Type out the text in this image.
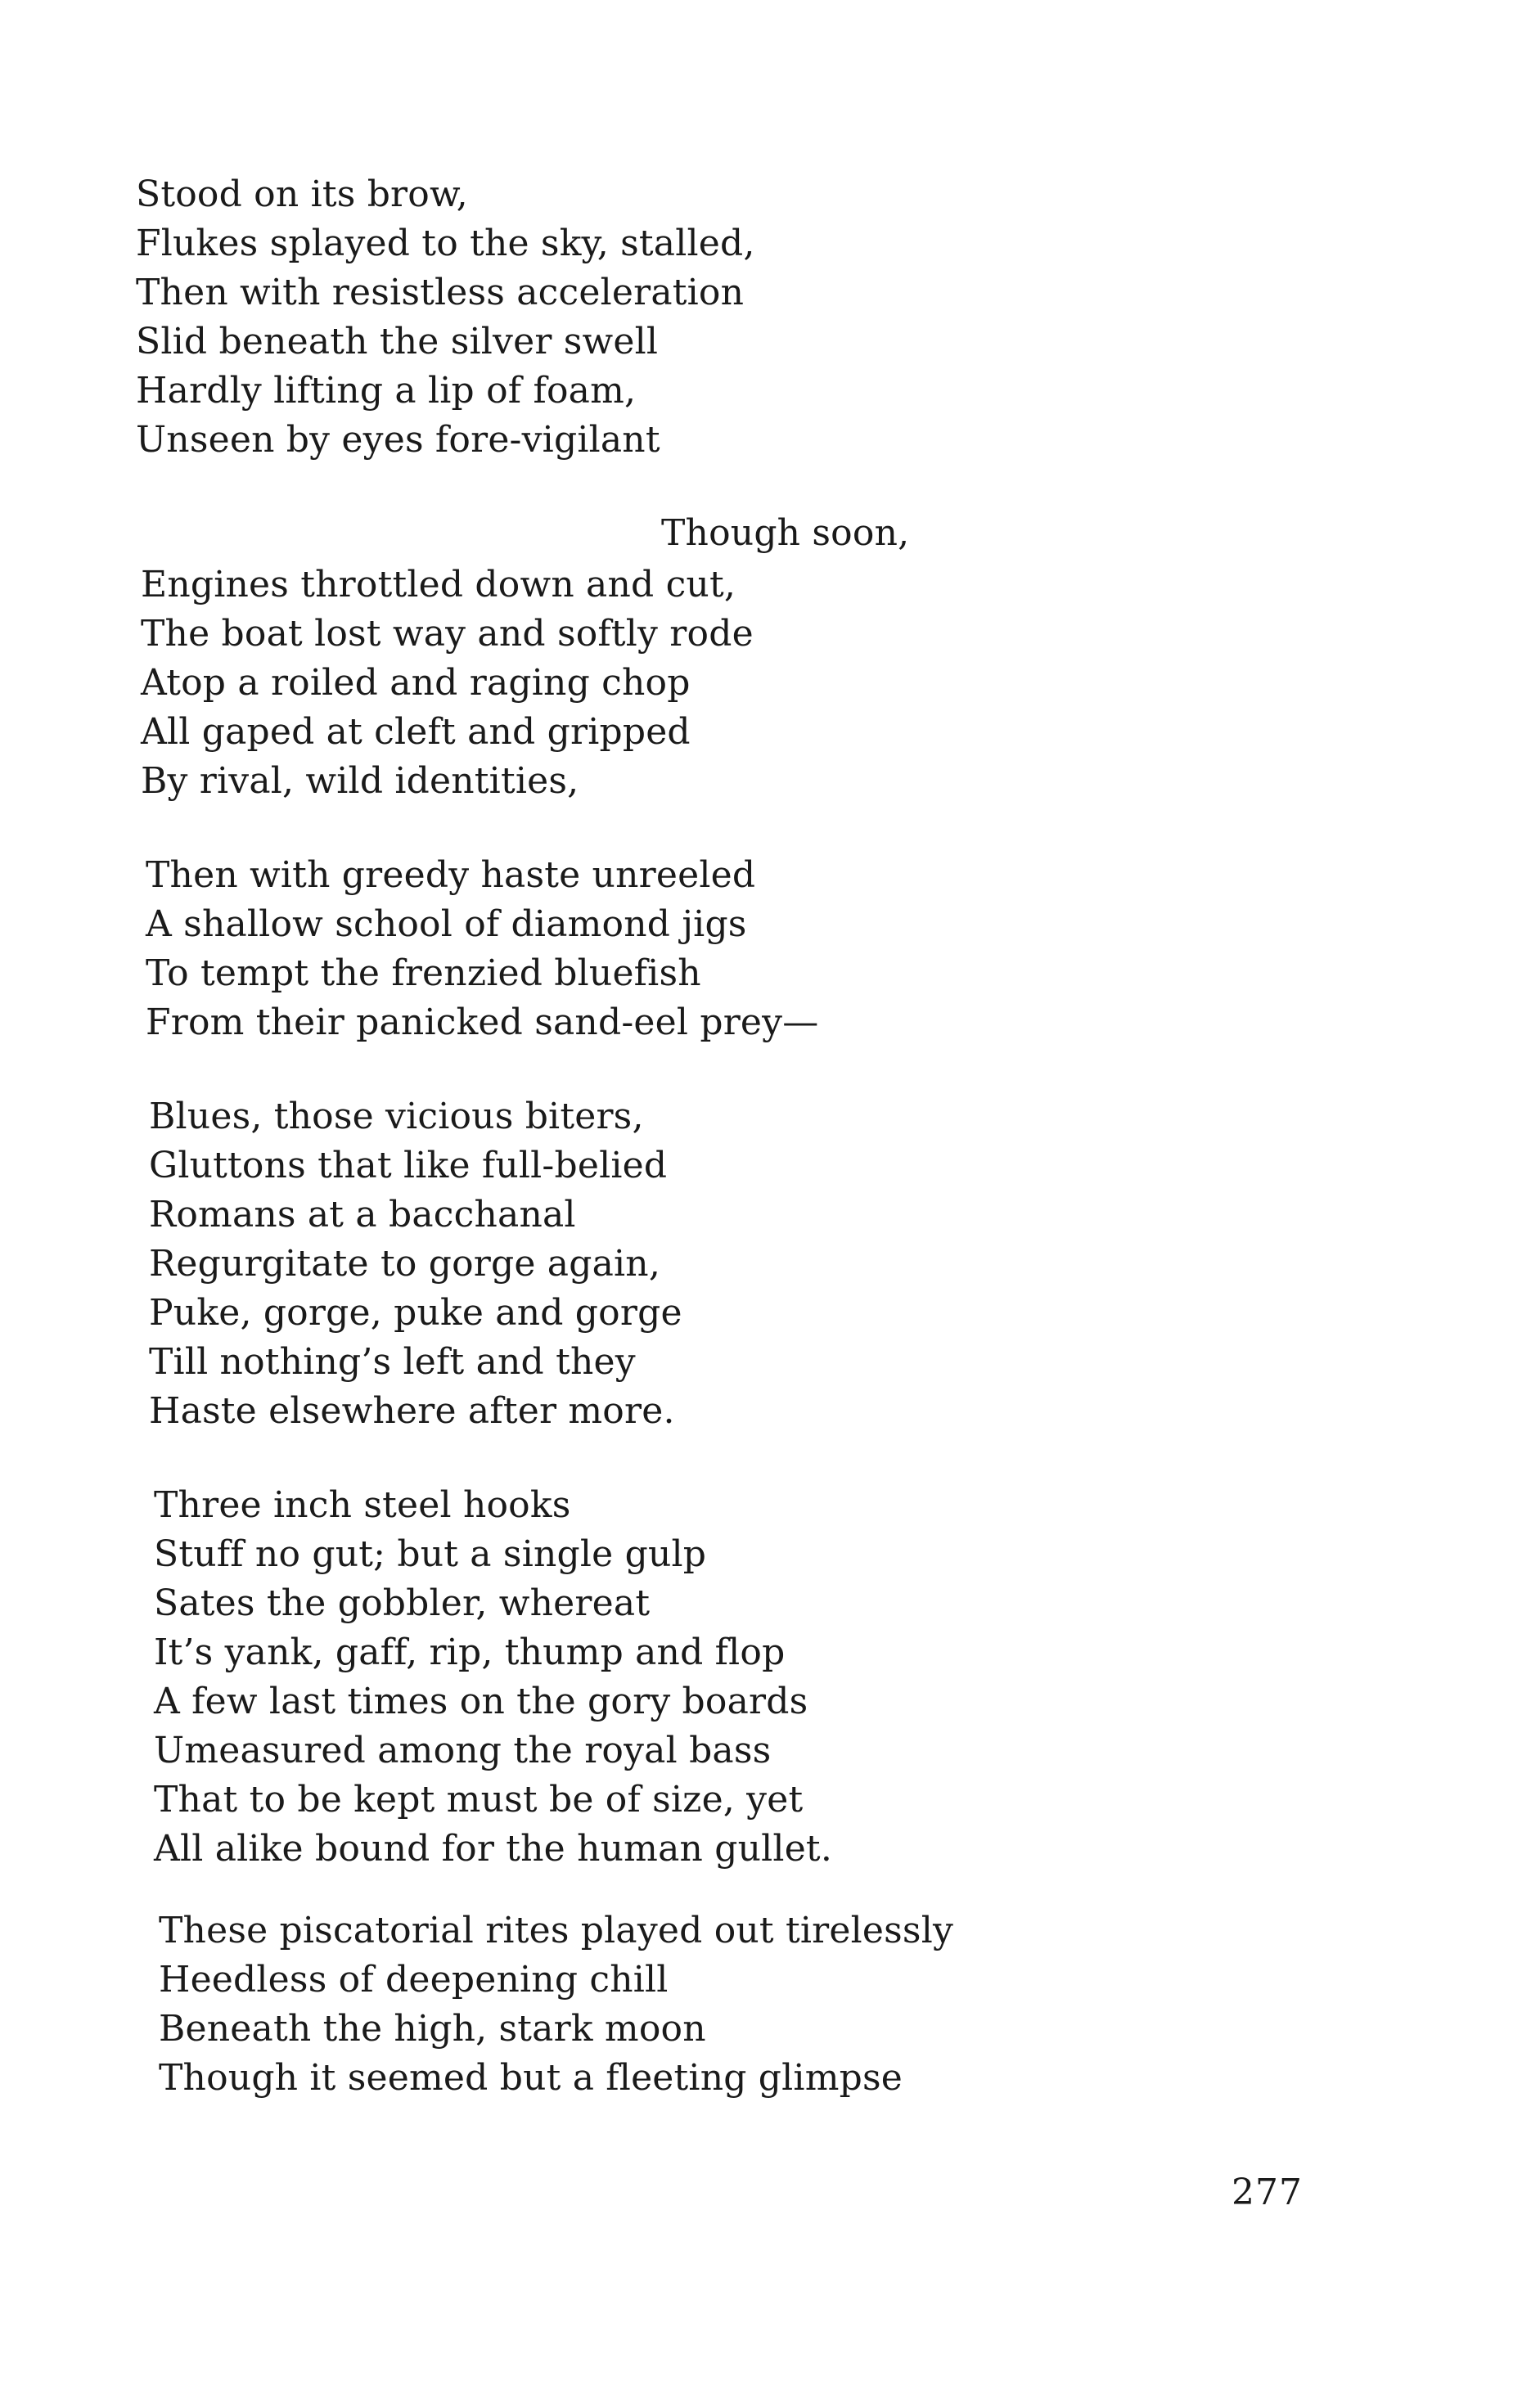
Stood on its brow,
Flukes splayed to the sky, stalled,
Then with resistless acceleration
Slid beneath the silver swell
Hardly lifting a lip of foam,
Unseen by eyes fore-vigilant
Though soon,
Engines throttled down and cut,
The boat lost way and softly rode
Atop a roiled and raging chop
All gaped at cleft and gripped
By rival, wild identities,
Then with greedy haste unreeled
A shallow school of diamond jigs
To tempt the frenzied bluefish
From their panicked sand-eel prey—
Blues, those vicious biters,
Gluttons that like full-belied
Romans at a bacchanal
Regurgitate to gorge again,
Puke, gorge, puke and gorge
Till nothing’s left and they
Haste elsewhere after more.
Three inch steel hooks
Stuff no gut; but a single gulp
Sates the gobbler, whereat
It’s yank, gaff, rip, thump and flop
A few last times on the gory boards
Umeasured among the royal bass
That to be kept must be of size, yet
All alike bound for the human gullet.
These piscatorial rites played out tirelessly
Heedless of deepening chill
Beneath the high, stark moon
Though it seemed but a fleeting glimpse
277
